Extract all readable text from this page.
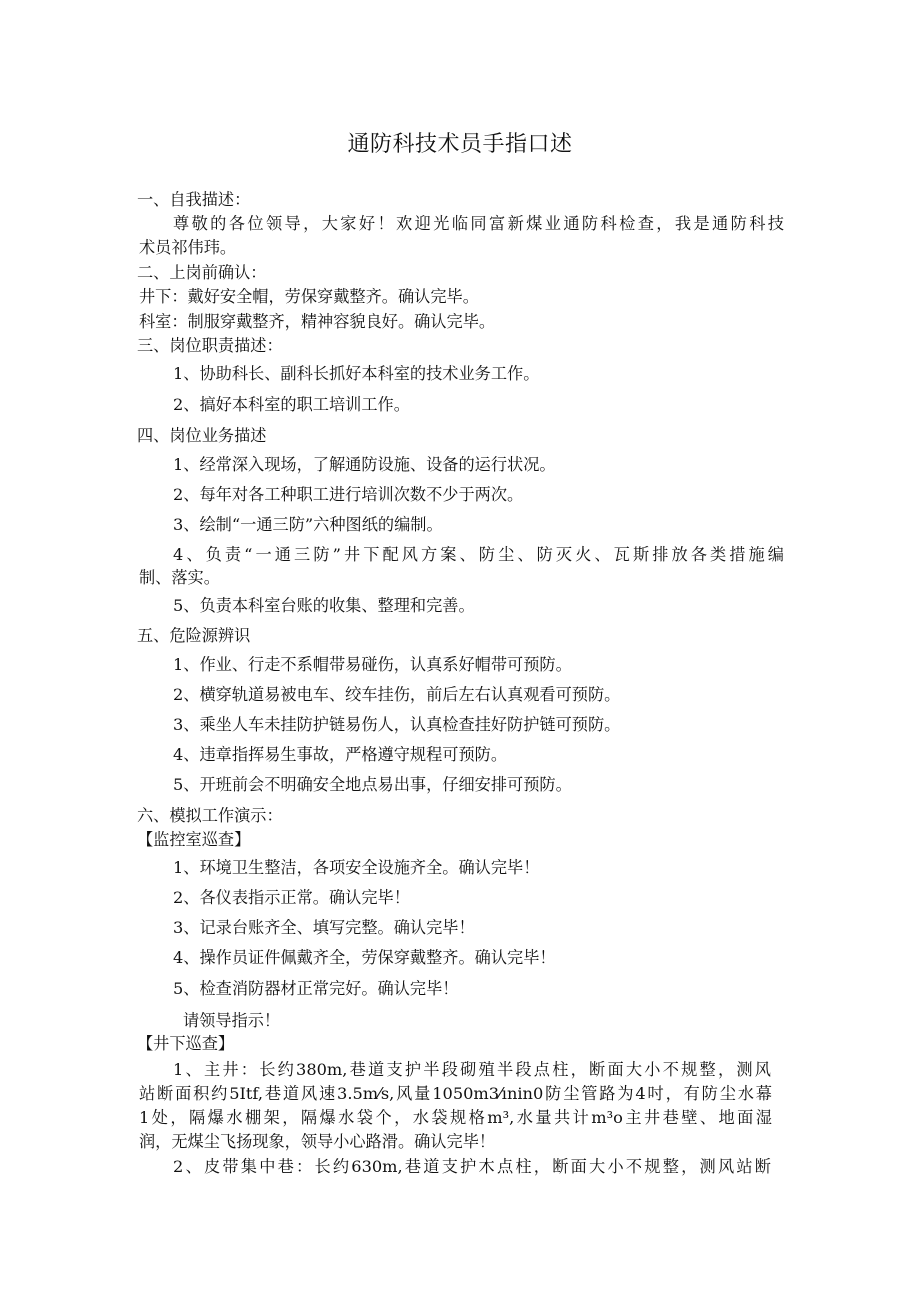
通防科技术员手指口述
一、自我描述：
尊敬的各位领导，大家好！欢迎光临同富新煤业通防科检查，我是通防科技
术员祁伟玮。
二、上岗前确认：
井下：戴好安全帽，劳保穿戴整齐。确认完毕。
科室：制服穿戴整齐，精神容貌良好。确认完毕。
三、岗位职责描述：
1、协助科长、副科长抓好本科室的技术业务工作。
2、搞好本科室的职工培训工作。
四、岗位业务描述
1、经常深入现场，了解通防设施、设备的运行状况。
2、每年对各工种职工进行培训次数不少于两次。
3、绘制“一通三防”六种图纸的编制。
4、负责“一通三防”井下配风方案、防尘、防灭火、瓦斯排放各类措施编
制、落实。
5、负责本科室台账的收集、整理和完善。
五、危险源辨识
1、作业、行走不系帽带易碰伤，认真系好帽带可预防。
2、横穿轨道易被电车、绞车挂伤，前后左右认真观看可预防。
3、乘坐人车未挂防护链易伤人，认真检查挂好防护链可预防。
4、违章指挥易生事故，严格遵守规程可预防。
5、开班前会不明确安全地点易出事，仔细安排可预防。
六、模拟工作演示：
【监控室巡查】
1、环境卫生整洁，各项安全设施齐全。确认完毕！
2、各仪表指示正常。确认完毕！
3、记录台账齐全、填写完整。确认完毕！
4、操作员证件佩戴齐全，劳保穿戴整齐。确认完毕！
5、检查消防器材正常完好。确认完毕！
请领导指示！
【井下巡查】
1、主井：长约380m,巷道支护半段砌殖半段点柱，断面大小不规整，测风
站断面积约5Itf,巷道风速3.5m⁄s,风量1050m3⁄ınin0防尘管路为4吋，有防尘水幕
1处，隔爆水棚架，隔爆水袋个，水袋规格m³,水量共计m³o主井巷壁、地面湿
润，无煤尘飞扬现象，领导小心路滑。确认完毕！
2、皮带集中巷：长约630m,巷道支护木点柱，断面大小不规整，测风站断
